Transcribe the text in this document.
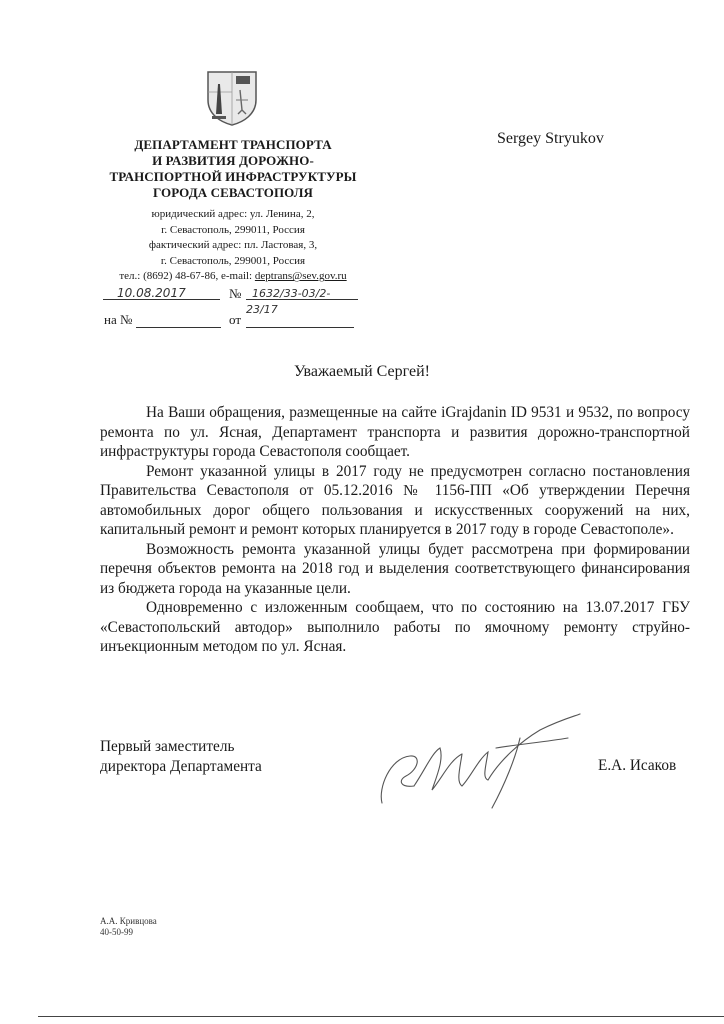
ДЕПАРТАМЕНТ ТРАНСПОРТА
И РАЗВИТИЯ ДОРОЖНО-
ТРАНСПОРТНОЙ ИНФРАСТРУКТУРЫ
ГОРОДА СЕВАСТОПОЛЯ
юридический адрес: ул. Ленина, 2,
г. Севастополь, 299011, Россия
фактический адрес: пл. Ластовая, 3,
г. Севастополь, 299001, Россия
тел.: (8692) 48-67-86, e-mail: deptrans@sev.gov.ru
Sergey Stryukov
10.08.2017	№ 1632/33-03/2-23/17
на №	от
Уважаемый Сергей!

На Ваши обращения, размещенные на сайте iGrajdanin ID 9531 и 9532, по вопросу ремонта по ул. Ясная, Департамент транспорта и развития дорожно-транспортной инфраструктуры города Севастополя сообщает.

Ремонт указанной улицы в 2017 году не предусмотрен согласно постановления Правительства Севастополя от 05.12.2016 № 1156-ПП «Об утверждении Перечня автомобильных дорог общего пользования и искусственных сооружений на них, капитальный ремонт и ремонт которых планируется в 2017 году в городе Севастополе».

Возможность ремонта указанной улицы будет рассмотрена при формировании перечня объектов ремонта на 2018 год и выделения соответствующего финансирования из бюджета города на указанные цели.

Одновременно с изложенным сообщаем, что по состоянию на 13.07.2017 ГБУ «Севастопольский автодор» выполнило работы по ямочному ремонту струйно-инъекционным методом по ул. Ясная.

Первый заместитель
директора Департамента	Е.А. Исаков
А.А. Кривцова
40-50-99
